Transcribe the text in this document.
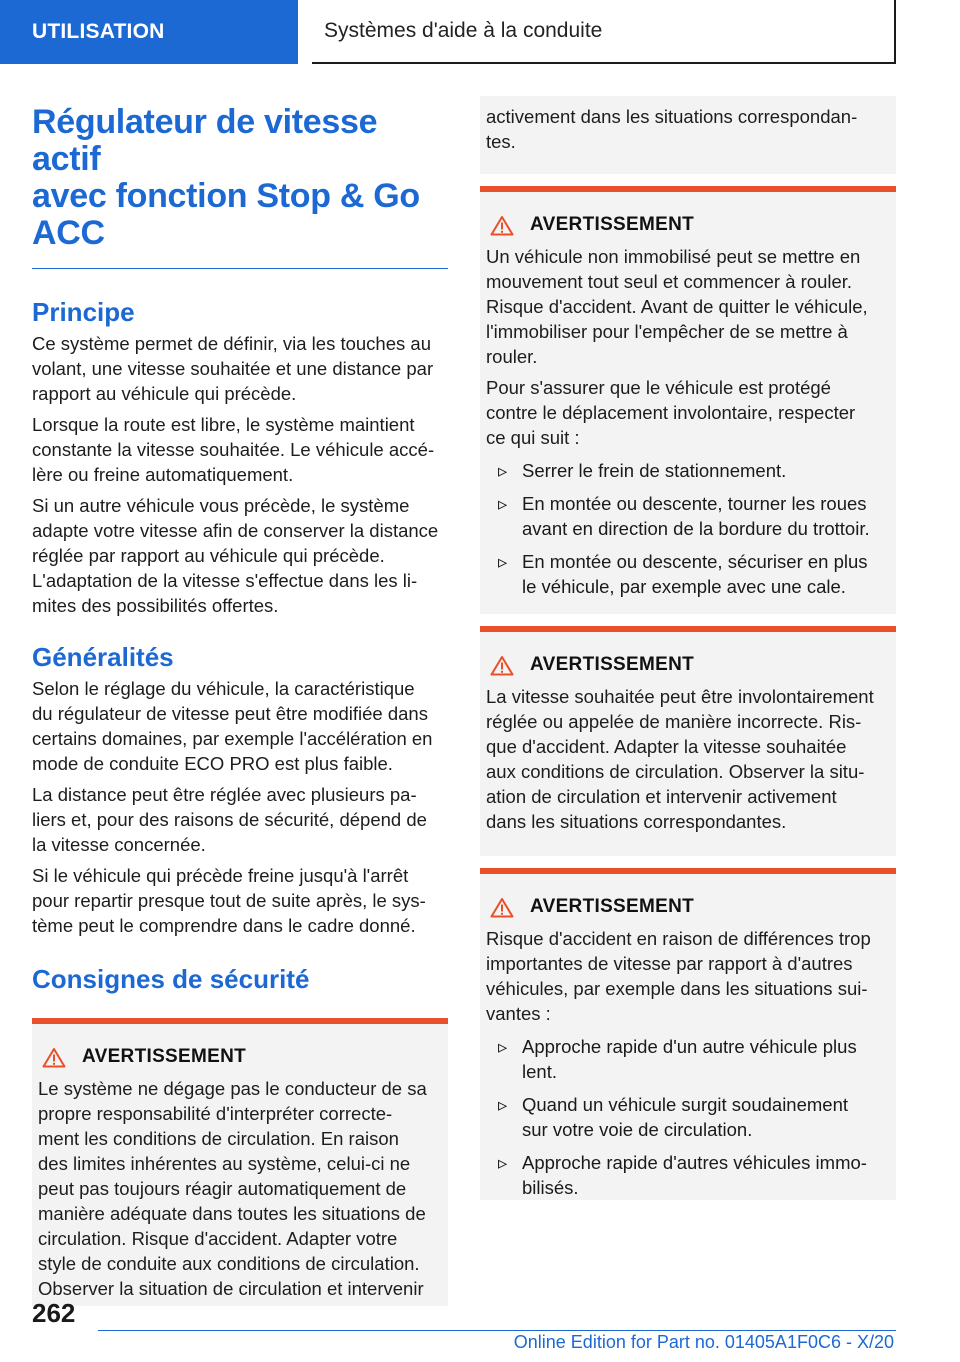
UTILISATION	Systèmes d'aide à la conduite
Régulateur de vitesse actif
avec fonction Stop & Go
ACC
Principe

Ce système permet de définir, via les touches au
volant, une vitesse souhaitée et une distance par
rapport au véhicule qui précède.

Lorsque la route est libre, le système maintient
constante la vitesse souhaitée. Le véhicule accé-
lère ou freine automatiquement.

Si un autre véhicule vous précède, le système
adapte votre vitesse afin de conserver la distance
réglée par rapport au véhicule qui précède.
L'adaptation de la vitesse s'effectue dans les li-
mites des possibilités offertes.

Généralités

Selon le réglage du véhicule, la caractéristique
du régulateur de vitesse peut être modifiée dans
certains domaines, par exemple l'accélération en
mode de conduite ECO PRO est plus faible.

La distance peut être réglée avec plusieurs pa-
liers et, pour des raisons de sécurité, dépend de
la vitesse concernée.

Si le véhicule qui précède freine jusqu'à l'arrêt
pour repartir presque tout de suite après, le sys-
tème peut le comprendre dans le cadre donné.

Consignes de sécurité
AVERTISSEMENT

Le système ne dégage pas le conducteur de sa
propre responsabilité d'interpréter correcte-
ment les conditions de circulation. En raison
des limites inhérentes au système, celui-ci ne
peut pas toujours réagir automatiquement de
manière adéquate dans toutes les situations de
circulation. Risque d'accident. Adapter votre
style de conduite aux conditions de circulation.
Observer la situation de circulation et intervenir

activement dans les situations correspondan-
tes.

AVERTISSEMENT

Un véhicule non immobilisé peut se mettre en
mouvement tout seul et commencer à rouler.
Risque d'accident. Avant de quitter le véhicule,
l'immobiliser pour l'empêcher de se mettre à
rouler.

Pour s'assurer que le véhicule est protégé
contre le déplacement involontaire, respecter
ce qui suit :

▹ Serrer le frein de stationnement.
▹ En montée ou descente, tourner les roues
avant en direction de la bordure du trottoir.
▹ En montée ou descente, sécuriser en plus
le véhicule, par exemple avec une cale.
AVERTISSEMENT

La vitesse souhaitée peut être involontairement
réglée ou appelée de manière incorrecte. Ris-
que d'accident. Adapter la vitesse souhaitée
aux conditions de circulation. Observer la situ-
ation de circulation et intervenir activement
dans les situations correspondantes.

AVERTISSEMENT

Risque d'accident en raison de différences trop
importantes de vitesse par rapport à d'autres
véhicules, par exemple dans les situations sui-
vantes :

▹ Approche rapide d'un autre véhicule plus
lent.
▹ Quand un véhicule surgit soudainement
sur votre voie de circulation.
▹ Approche rapide d'autres véhicules immo-
bilisés.
262
Online Edition for Part no. 01405A1F0C6 - X/20
